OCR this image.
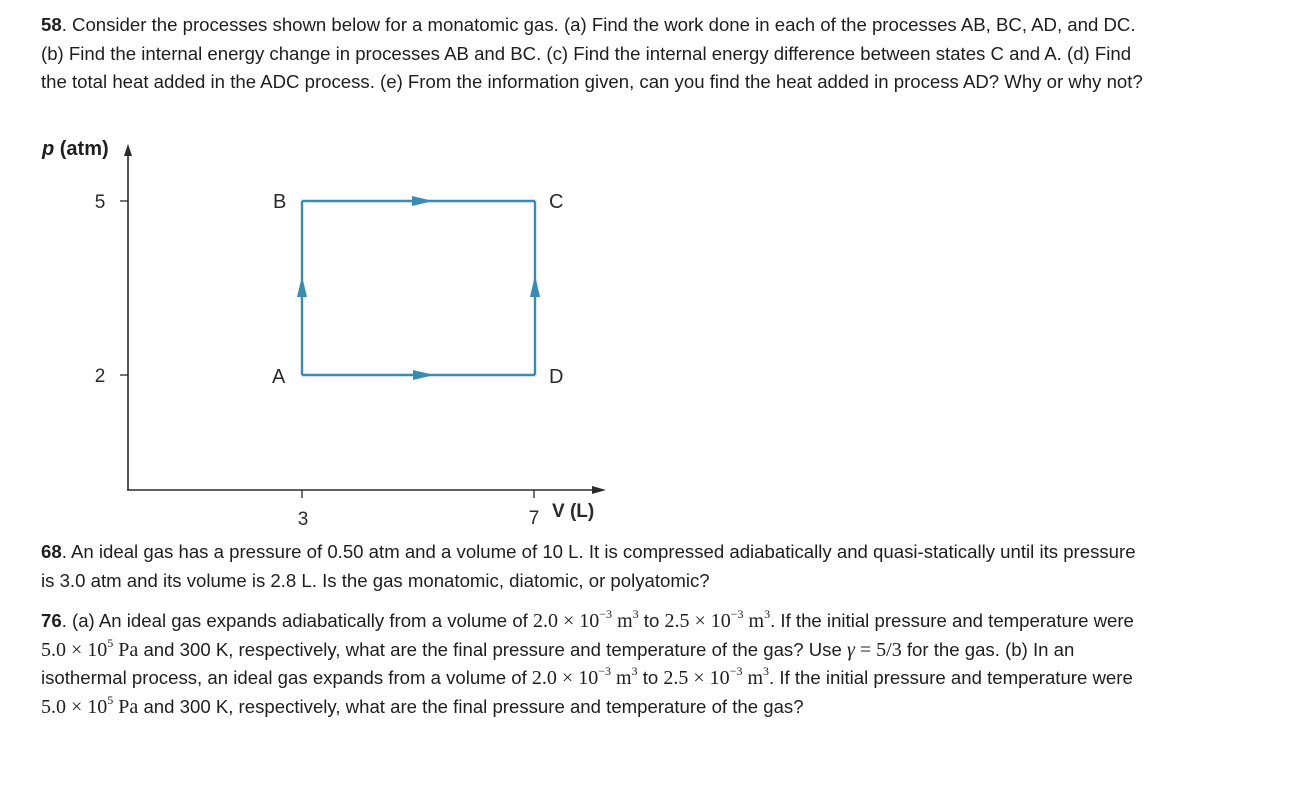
58. Consider the processes shown below for a monatomic gas. (a) Find the work done in each of the processes AB, BC, AD, and DC. (b) Find the internal energy change in processes AB and BC. (c) Find the internal energy difference between states C and A. (d) Find the total heat added in the ADC process. (e) From the information given, can you find the heat added in process AD? Why or why not?
p (atm)
5
2
3	7 V (L)
B	C
A	D
68. An ideal gas has a pressure of 0.50 atm and a volume of 10 L. It is compressed adiabatically and quasi-statically until its pressure is 3.0 atm and its volume is 2.8 L. Is the gas monatomic, diatomic, or polyatomic?
76. (a) An ideal gas expands adiabatically from a volume of $2.0 \times 10^{-3}$ $m^3$ to $2.5 \times 10^{-3}$ $m^3$. If the initial pressure and temperature were $5.0 \times 10^5$ Pa and 300 K, respectively, what are the final pressure and temperature of the gas? Use γ = 5/3 for the gas. (b) In an isothermal process, an ideal gas expands from a volume of $2.0 \times 10^{-3}$ $m^3$ to $2.5 \times 10^{-3}$ $m^3$. If the initial pressure and temperature were $5.0 \times 10^5$ Pa and 300 K, respectively, what are the final pressure and temperature of the gas?
